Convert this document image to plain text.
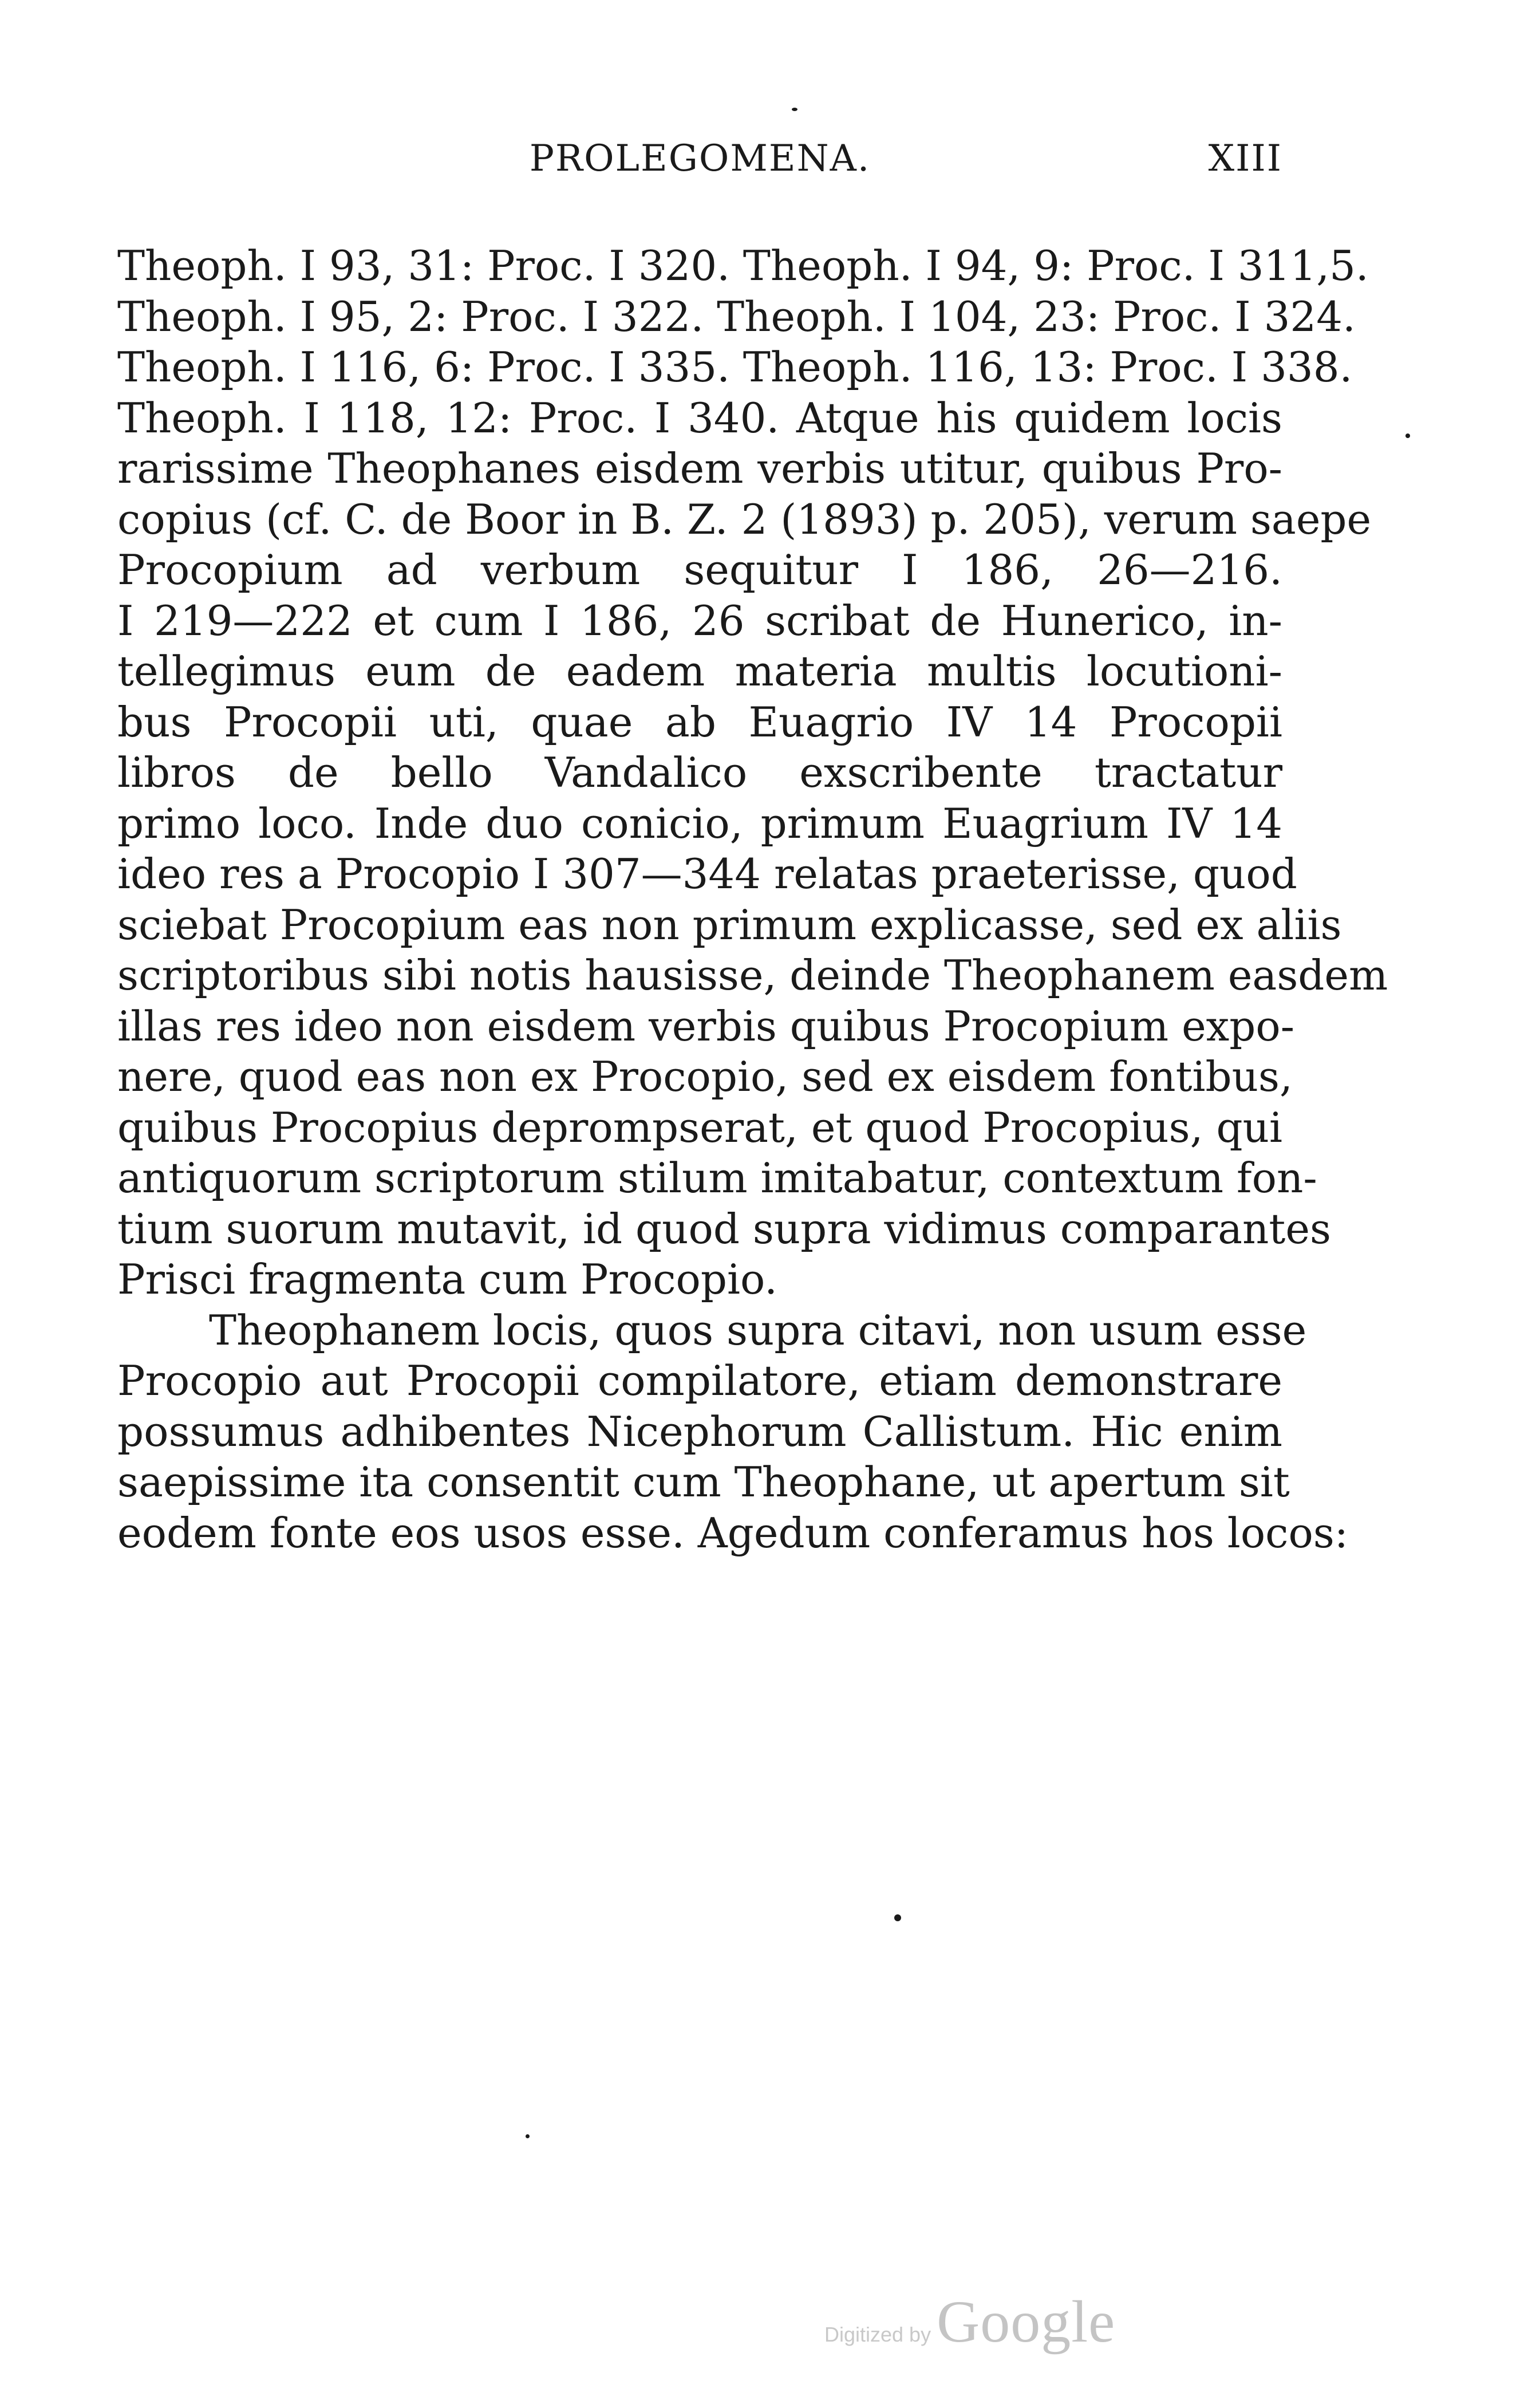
PROLEGOMENA.	XIII
Theoph. I 93, 31: Proc. I 320. Theoph. I 94, 9: Proc. I 311,5.
Theoph. I 95, 2: Proc. I 322. Theoph. I 104, 23: Proc. I 324.
Theoph. I 116, 6: Proc. I 335. Theoph. 116, 13: Proc. I 338.
Theoph. I 118, 12: Proc. I 340. Atque his quidem locis
rarissime Theophanes eisdem verbis utitur, quibus Pro-
copius (cf. C. de Boor in B. Z. 2 (1893) p. 205), verum saepe
Procopium ad verbum sequitur I 186, 26—216.
I 219—222 et cum I 186, 26 scribat de Hunerico, in-
tellegimus eum de eadem materia multis locutioni-
bus Procopii uti, quae ab Euagrio IV 14 Procopii
libros de bello Vandalico exscribente tractatur
primo loco. Inde duo conicio, primum Euagrium IV 14
ideo res a Procopio I 307—344 relatas praeterisse, quod
sciebat Procopium eas non primum explicasse, sed ex aliis
scriptoribus sibi notis hausisse, deinde Theophanem easdem
illas res ideo non eisdem verbis quibus Procopium expo-
nere, quod eas non ex Procopio, sed ex eisdem fontibus,
quibus Procopius deprompserat, et quod Procopius, qui
antiquorum scriptorum stilum imitabatur, contextum fon-
tium suorum mutavit, id quod supra vidimus comparantes
Prisci fragmenta cum Procopio.
Theophanem locis, quos supra citavi, non usum esse
Procopio aut Procopii compilatore, etiam demonstrare
possumus adhibentes Nicephorum Callistum. Hic enim
saepissime ita consentit cum Theophane, ut apertum sit
eodem fonte eos usos esse. Agedum conferamus hos locos:
Digitized byGoogle
